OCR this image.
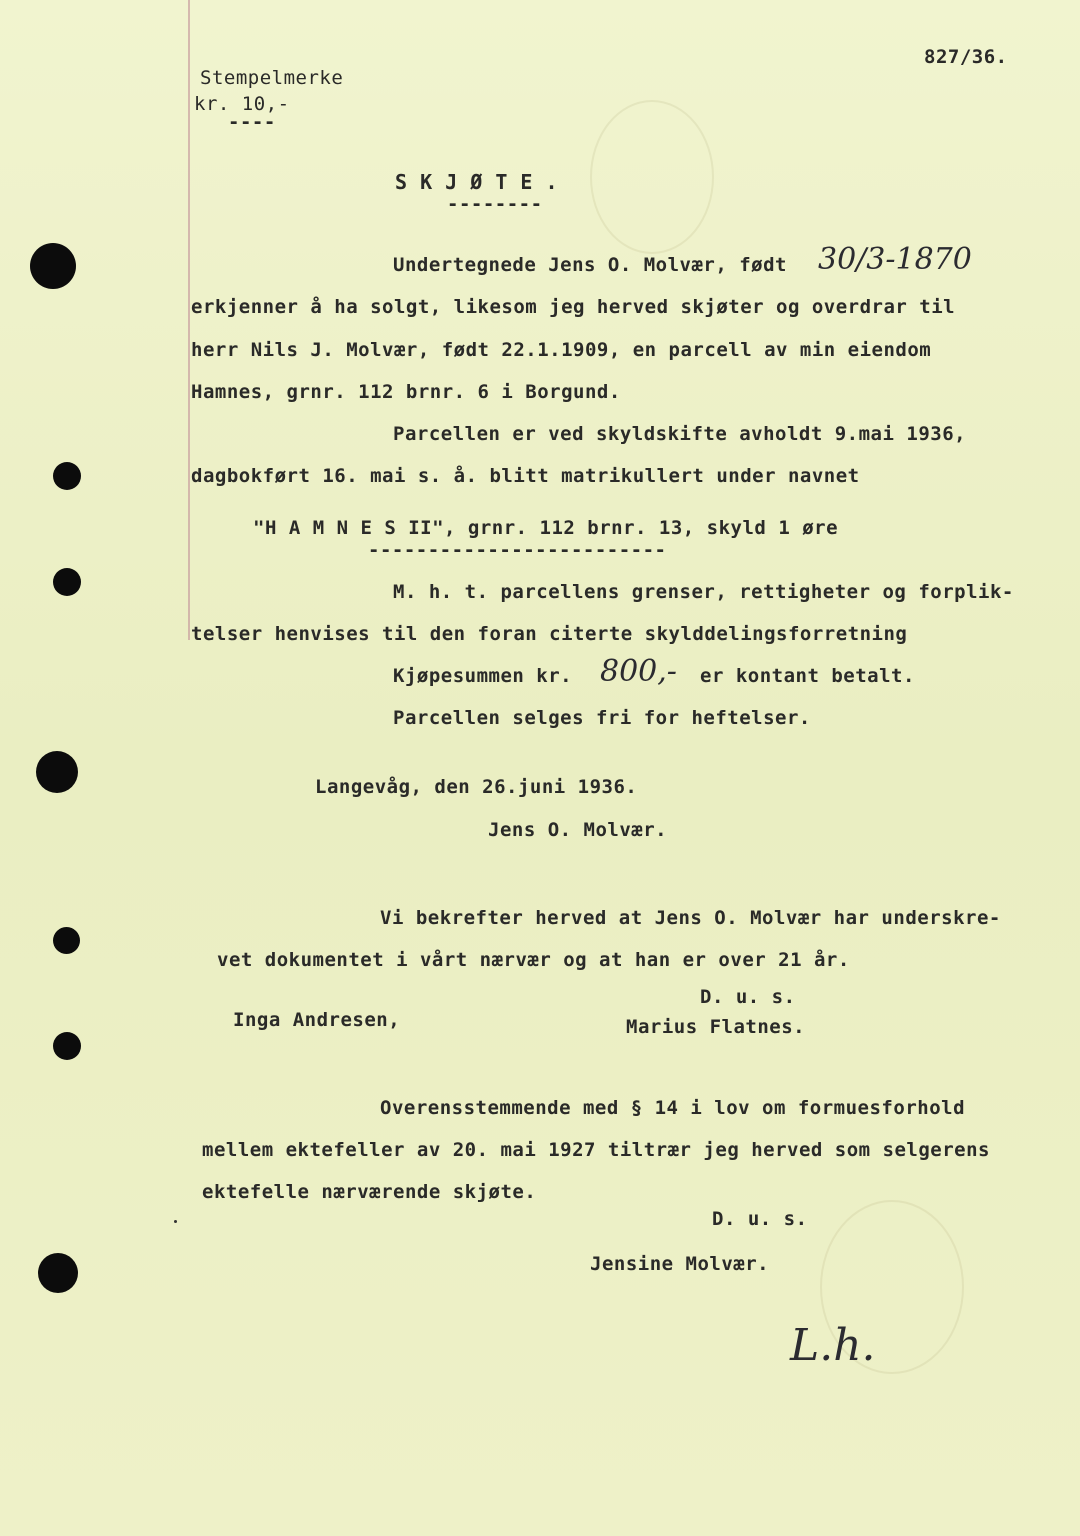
827/36.
Stempelmerke
kr. 10,-
----
S K J Ø T E .
--------
Undertegnede Jens O. Molvær, født 30/3-1870
erkjenner å ha solgt, likesom jeg herved skjøter og overdrar til
herr Nils J. Molvær, født 22.1.1909, en parcell av min eiendom
Hamnes, grnr. 112 brnr. 6 i Borgund.
Parcellen er ved skyldskifte avholdt 9.mai 1936,
dagbokført 16. mai s. å. blitt matrikullert under navnet
"H A M N E S II", grnr. 112 brnr. 13, skyld 1 øre
-------------------------
M. h. t. parcellens grenser, rettigheter og forplik-
telser henvises til den foran citerte skylddelingsforretning
Kjøpesummen kr. 800,- er kontant betalt.
Parcellen selges fri for heftelser.
Langevåg, den 26.juni 1936.
Jens O. Molvær.
Vi bekrefter herved at Jens O. Molvær har underskre-
vet dokumentet i vårt nærvær og at han er over 21 år.
D. u. s.
Inga Andresen,	Marius Flatnes.
Overensstemmende med § 14 i lov om formuesforhold
mellem ektefeller av 20. mai 1927 tiltrær jeg herved som selgerens
ektefelle nærværende skjøte.
D. u. s.
Jensine Molvær.
L.h.
